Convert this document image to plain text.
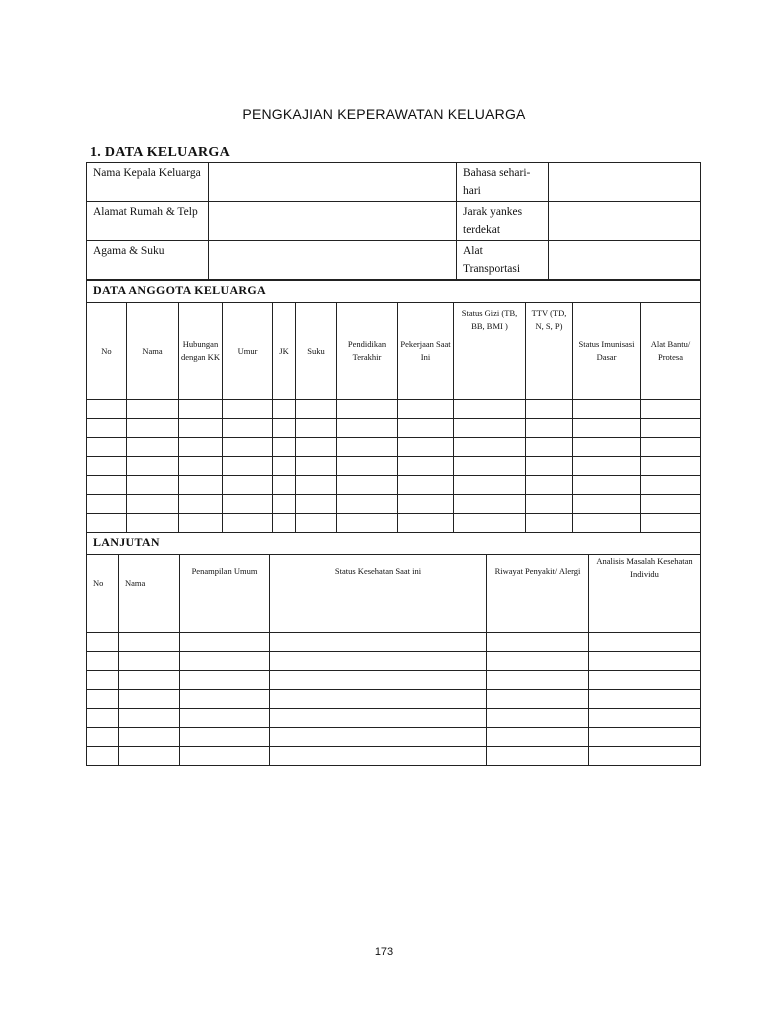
PENGKAJIAN KEPERAWATAN KELUARGA
1. DATA KELUARGA
Nama Kepala Keluarga		Bahasa sehari-hari	
Alamat Rumah & Telp		Jarak yankes terdekat	
Agama & Suku		Alat Transportasi	
DATA ANGGOTA KELUARGA											
No	Nama	Hubungan dengan KK	Umur	JK	Suku	Pendidikan Terakhir	Pekerjaan Saat Ini	Status Gizi (TB, BB, BMI )	TTV (TD, N, S, P)	Status Imunisasi Dasar	Alat Bantu/ Protesa

LANJUTAN					
No	Nama	Penampilan Umum	Status Kesehatan Saat ini	Riwayat Penyakit/ Alergi	Analisis Masalah Kesehatan Individu

173
